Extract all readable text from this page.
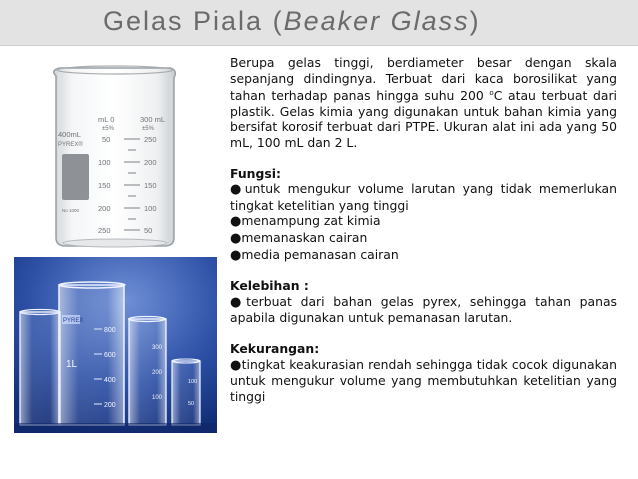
Gelas Piala (Beaker Glass)
400mL
PYREX®
No 1000
mL 0
±5%
50
100
150
200
250
300 mL
±5%
250
200
150
100
50
PYREX
1L
800
600
400
200
300
200
100
100
50

Berupa gelas tinggi, berdiameter besar dengan skala sepanjang dindingnya. Terbuat dari kaca borosilikat yang tahan terhadap panas hingga suhu 200 $^o$C atau terbuat dari plastik. Gelas kimia yang digunakan untuk bahan kimia yang bersifat korosif terbuat dari PTPE. Ukuran alat ini ada yang 50 mL, 100 mL dan 2 L.

Fungsi:

●untuk mengukur volume larutan yang tidak memerlukan tingkat ketelitian yang tinggi

●menampung zat kimia

●memanaskan cairan

●media pemanasan cairan

Kelebihan :

●terbuat dari bahan gelas pyrex, sehingga tahan panas apabila digunakan untuk pemanasan larutan.

Kekurangan:

●tingkat keakurasian rendah sehingga tidak cocok digunakan untuk mengukur volume yang membutuhkan ketelitian yang tinggi
